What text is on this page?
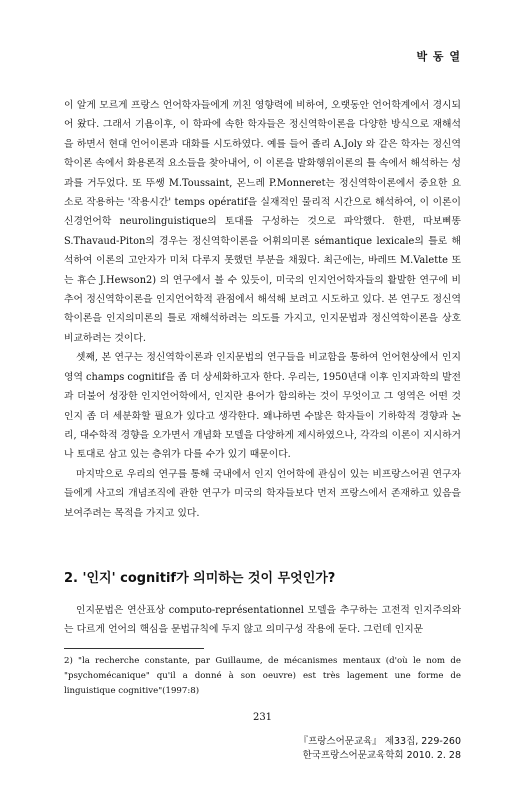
박 동 열

이 알게 모르게 프랑스 언어학자들에게 끼친 영향력에 비하여, 오랫동안 언어학계에서 경시되어 왔다. 그래서 기욤이후, 이 학파에 속한 학자들은 정신역학이론을 다양한 방식으로 재해석을 하면서 현대 언어이론과 대화를 시도하였다. 예를 들어 졸리 A.Joly 와 같은 학자는 정신역학이론 속에서 화용론적 요소들을 찾아내어, 이 이론을 발화행위이론의 틀 속에서 해석하는 성과를 거두었다. 또 뚜쌩 M.Toussaint, 몬느레 P.Monneret는 정신역학이론에서 중요한 요소로 작용하는 '작용시간' temps opératif을 실재적인 물리적 시간으로 해석하여, 이 이론이 신경언어학 neurolinguistique의 토대를 구성하는 것으로 파악했다. 한편, 따보삐똥 S.Thavaud-Piton의 경우는 정신역학이론을 어휘의미론 sémantique lexicale의 틀로 해석하여 이론의 고안자가 미처 다루지 못했던 부분을 채웠다. 최근에는, 바레뜨 M.Valette 또는 휴슨 J.Hewson2) 의 연구에서 볼 수 있듯이, 미국의 인지언어학자들의 활발한 연구에 비추어 정신역학이론을 인지언어학적 관점에서 해석해 보려고 시도하고 있다. 본 연구도 정신역학이론을 인지의미론의 틀로 재해석하려는 의도를 가지고, 인지문법과 정신역학이론을 상호비교하려는 것이다.

셋째, 본 연구는 정신역학이론과 인지문법의 연구들을 비교함을 통하여 언어현상에서 인지영역 champs cognitif을 좀 더 상세화하고자 한다. 우리는, 1950년대 이후 인지과학의 발전과 더불어 성장한 인지언어학에서, 인지란 용어가 함의하는 것이 무엇이고 그 영역은 어떤 것인지 좀 더 세분화할 필요가 있다고 생각한다. 왜냐하면 수많은 학자들이 기하학적 경향과 논리, 대수학적 경향을 오가면서 개념화 모델을 다양하게 제시하였으나, 각각의 이론이 지시하거나 토대로 삼고 있는 층위가 다를 수가 있기 때문이다.

마지막으로 우리의 연구를 통해 국내에서 인지 언어학에 관심이 있는 비프랑스어권 연구자들에게 사고의 개념조직에 관한 연구가 미국의 학자들보다 먼저 프랑스에서 존재하고 있음을 보여주려는 목적을 가지고 있다.

2. '인지' cognitif가 의미하는 것이 무엇인가?

인지문법은 연산표상 computo-représentationnel 모델을 추구하는 고전적 인지주의와는 다르게 언어의 핵심을 문법규칙에 두지 않고 의미구성 작용에 둔다. 그런데 인지문

2) "la recherche constante, par Guillaume, de mécanismes mentaux (d'où le nom de "psychomécanique" qu'il a donné à son oeuvre) est très lagement une forme de linguistique cognitive"(1997:8)
231
『프랑스어문교육』 제33집, 229-260
한국프랑스어문교육학회 2010. 2. 28
